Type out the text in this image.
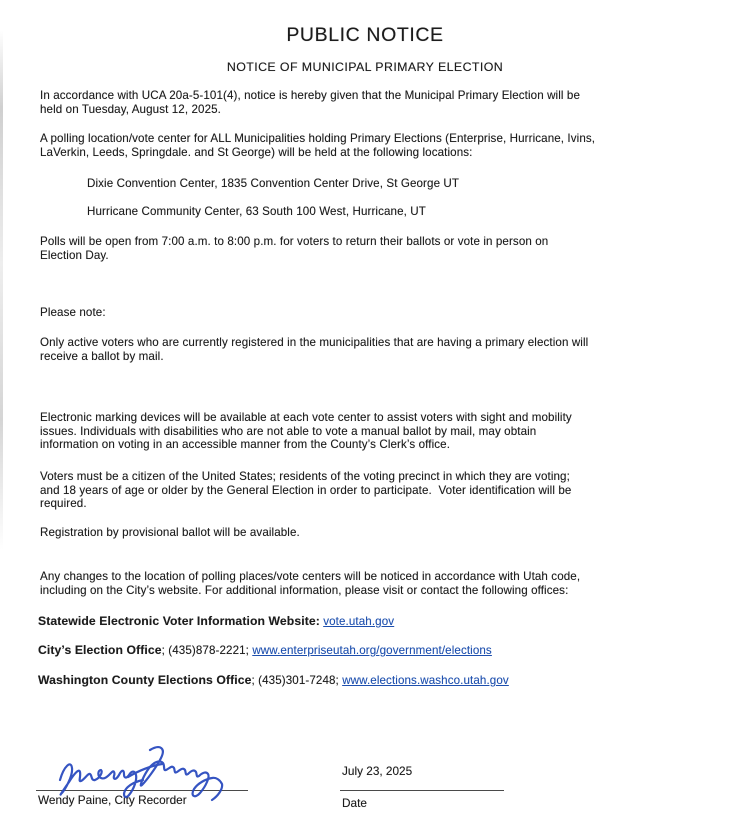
PUBLIC NOTICE
NOTICE OF MUNICIPAL PRIMARY ELECTION
In accordance with UCA 20a-5-101(4), notice is hereby given that the Municipal Primary Election will be
held on Tuesday, August 12, 2025.
A polling location/vote center for ALL Municipalities holding Primary Elections (Enterprise, Hurricane, Ivins,
LaVerkin, Leeds, Springdale. and St George) will be held at the following locations:
Dixie Convention Center, 1835 Convention Center Drive, St George UT
Hurricane Community Center, 63 South 100 West, Hurricane, UT
Polls will be open from 7:00 a.m. to 8:00 p.m. for voters to return their ballots or vote in person on
Election Day.
Please note:
Only active voters who are currently registered in the municipalities that are having a primary election will
receive a ballot by mail.
Electronic marking devices will be available at each vote center to assist voters with sight and mobility
issues. Individuals with disabilities who are not able to vote a manual ballot by mail, may obtain
information on voting in an accessible manner from the County’s Clerk’s office.
Voters must be a citizen of the United States; residents of the voting precinct in which they are voting;
and 18 years of age or older by the General Election in order to participate.  Voter identification will be
required.
Registration by provisional ballot will be available.
Any changes to the location of polling places/vote centers will be noticed in accordance with Utah code,
including on the City’s website. For additional information, please visit or contact the following offices:
Statewide Electronic Voter Information Website: vote.utah.gov
City’s Election Office; (435)878-2221; www.enterpriseutah.org/government/elections
Washington County Elections Office; (435)301-7248; www.elections.washco.utah.gov
Wendy Paine, City Recorder
July 23, 2025
Date
